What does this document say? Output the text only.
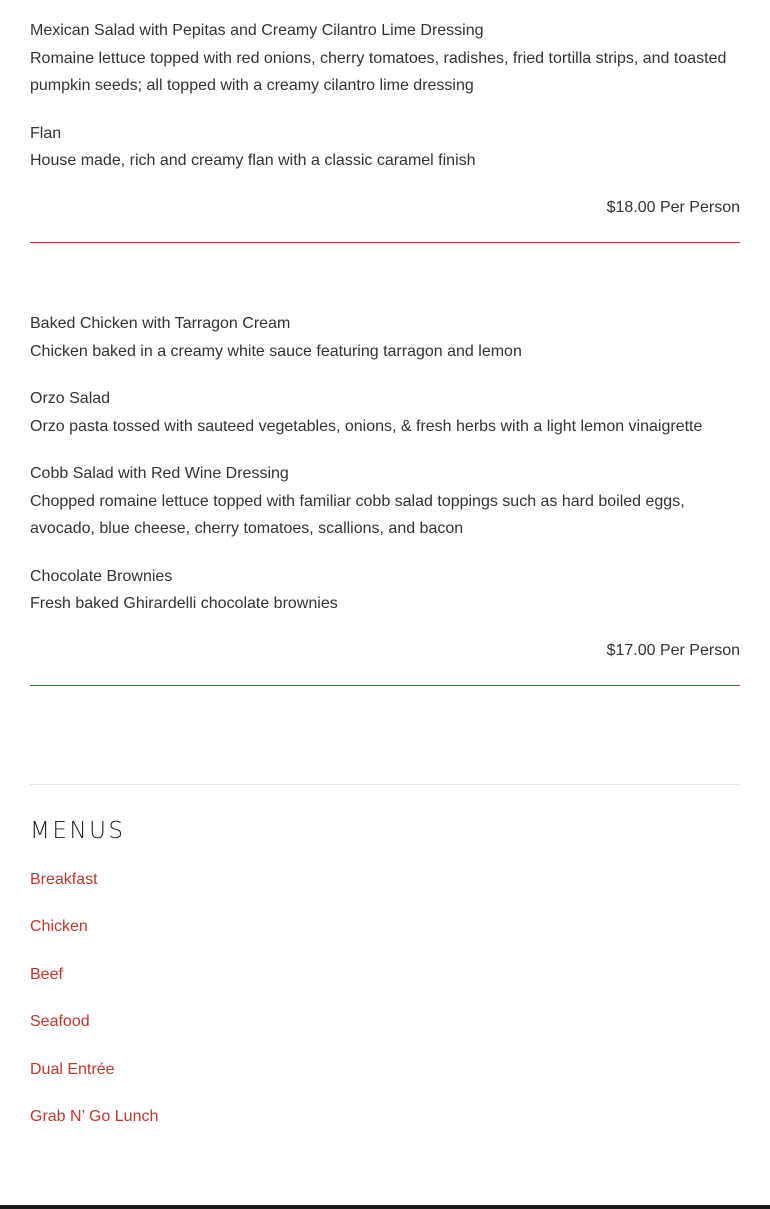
Mexican Salad with Pepitas and Creamy Cilantro Lime Dressing
Romaine lettuce topped with red onions, cherry tomatoes, radishes, fried tortilla strips, and toasted pumpkin seeds; all topped with a creamy cilantro lime dressing
Flan
House made, rich and creamy flan with a classic caramel finish
$18.00 Per Person
Baked Chicken with Tarragon Cream
Chicken baked in a creamy white sauce featuring tarragon and lemon
Orzo Salad
Orzo pasta tossed with sauteed vegetables, onions, & fresh herbs with a light lemon vinaigrette
Cobb Salad with Red Wine Dressing
Chopped romaine lettuce topped with familiar cobb salad toppings such as hard boiled eggs, avocado, blue cheese, cherry tomatoes, scallions, and bacon
Chocolate Brownies
Fresh baked Ghirardelli chocolate brownies
$17.00 Per Person
MENUS
Breakfast
Chicken
Beef
Seafood
Dual Entrée
Grab N’ Go Lunch
